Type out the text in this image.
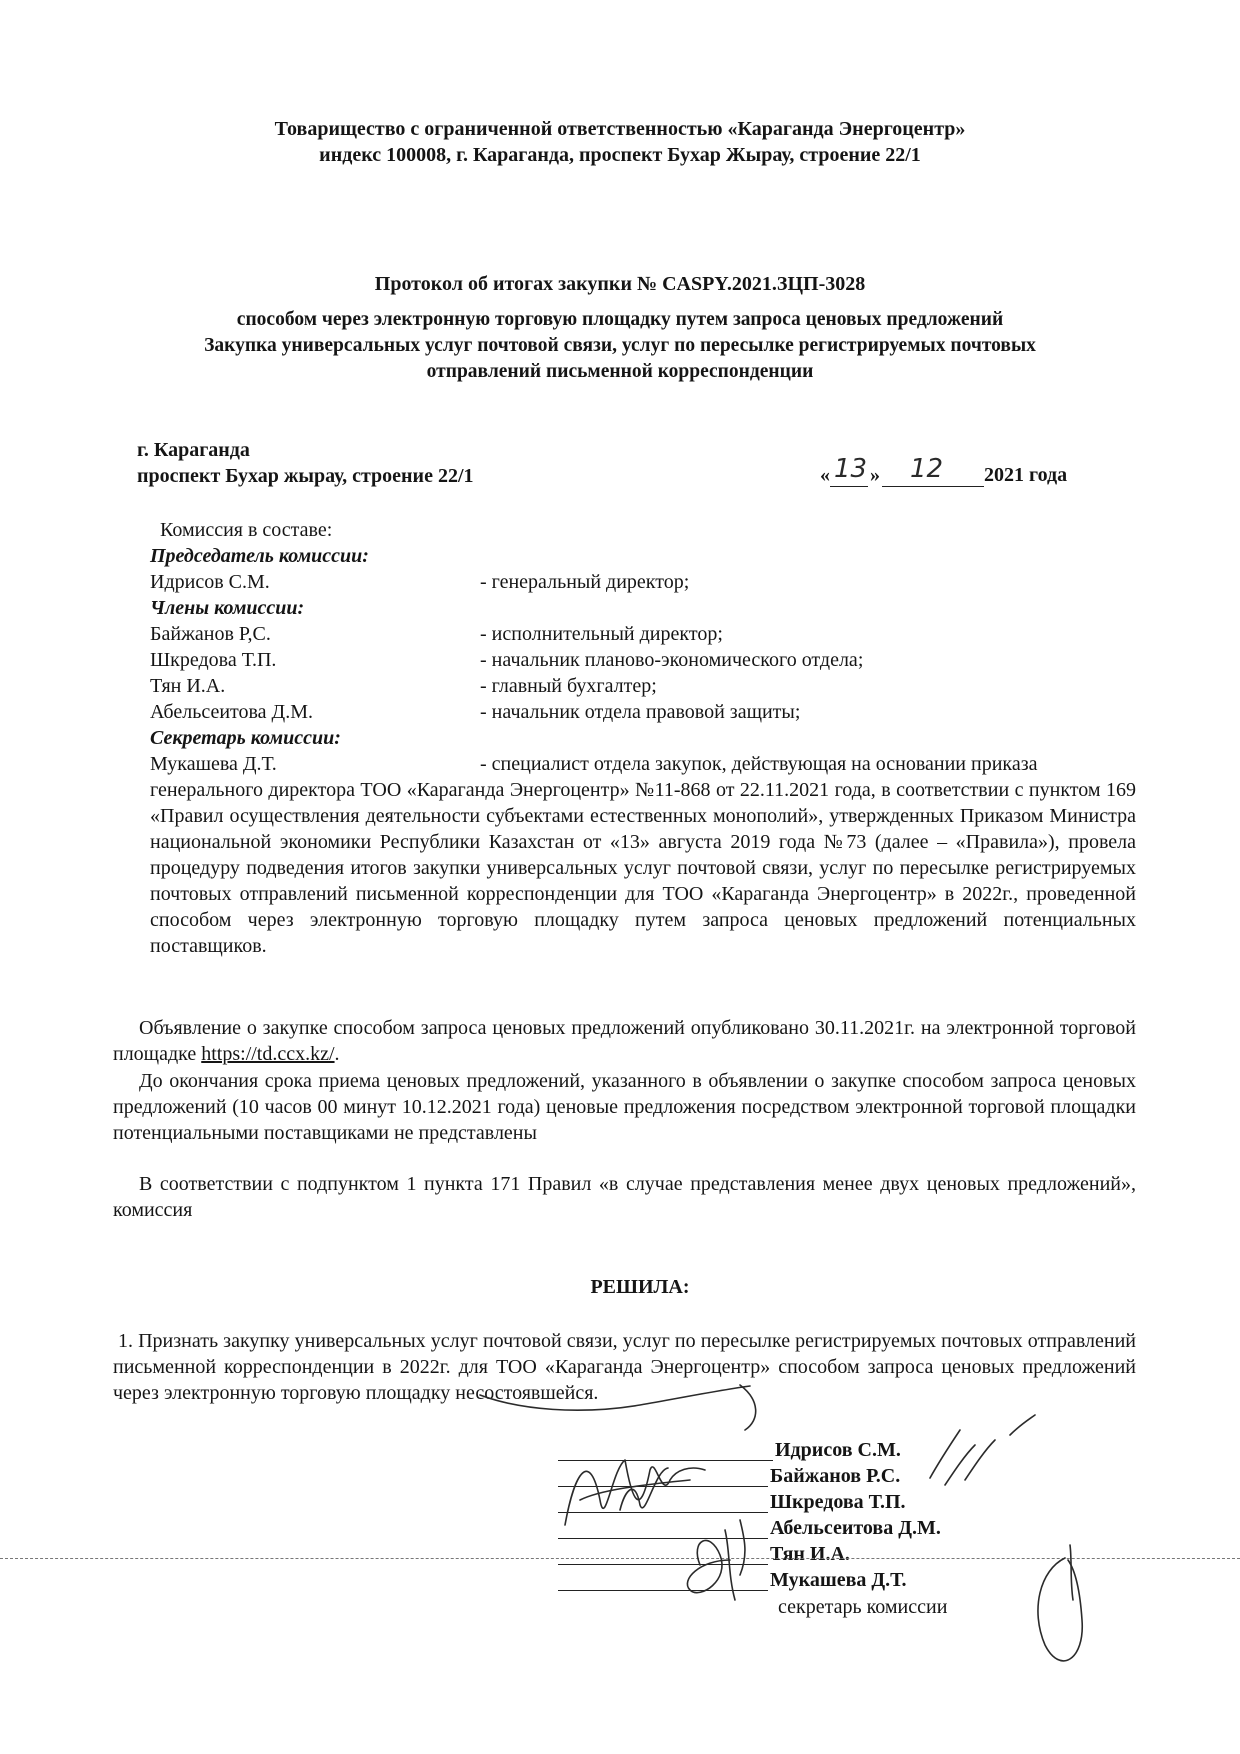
Товарищество с ограниченной ответственностью «Караганда Энергоцентр»
индекс 100008, г. Караганда, проспект Бухар Жырау, строение 22/1
Протокол об итогах закупки № CASPY.2021.ЗЦП-3028
способом через электронную торговую площадку путем запроса ценовых предложений
Закупка универсальных услуг почтовой связи, услуг по пересылке регистрируемых почтовых
отправлений письменной корреспонденции
г. Караганда
проспект Бухар жырау, строение 22/1	« 13 » 12 2021 года
Комиссия в составе:
Председатель комиссии:
Идрисов С.М.	- генеральный директор;
Члены комиссии:
Байжанов Р,С.	- исполнительный директор;
Шкредова Т.П.	- начальник планово-экономического отдела;
Тян И.А.	- главный бухгалтер;
Абельсеитова Д.М.	- начальник отдела правовой защиты;
Секретарь комиссии:
Мукашева Д.Т.	- специалист отдела закупок, действующая на основании приказа
генерального директора ТОО «Караганда Энергоцентр» №11-868 от 22.11.2021 года, в соответствии с пунктом 169 «Правил осуществления деятельности субъектами естественных монополий», утвержденных Приказом Министра национальной экономики Республики Казахстан от «13» августа 2019 года №73 (далее – «Правила»), провела процедуру подведения итогов закупки универсальных услуг почтовой связи, услуг по пересылке регистрируемых почтовых отправлений письменной корреспонденции для ТОО «Караганда Энергоцентр» в 2022г., проведенной способом через электронную торговую площадку путем запроса ценовых предложений потенциальных поставщиков.
Объявление о закупке способом запроса ценовых предложений опубликовано 30.11.2021г. на электронной торговой площадке https://td.ccx.kz/.
До окончания срока приема ценовых предложений, указанного в объявлении о закупке способом запроса ценовых предложений (10 часов 00 минут 10.12.2021 года) ценовые предложения посредством электронной торговой площадки потенциальными поставщиками не представлены
В соответствии с подпунктом 1 пункта 171 Правил «в случае представления менее двух ценовых предложений», комиссия
РЕШИЛА:
1. Признать закупку универсальных услуг почтовой связи, услуг по пересылке регистрируемых почтовых отправлений письменной корреспонденции в 2022г. для ТОО «Караганда Энергоцентр» способом запроса ценовых предложений через электронную торговую площадку несостоявшейся.
Идрисов С.М.
Байжанов Р.С.
Шкредова Т.П.
Абельсеитова Д.М.
Тян И.А.
Мукашева Д.Т.
секретарь комиссии
